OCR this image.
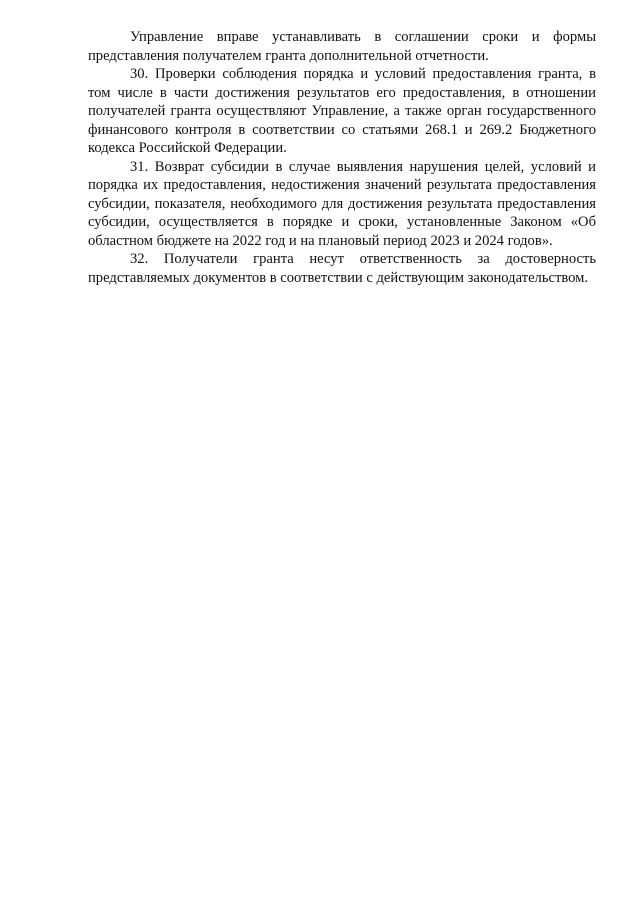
Управление вправе устанавливать в соглашении сроки и формы представления получателем гранта дополнительной отчетности.

30. Проверки соблюдения порядка и условий предоставления гранта, в том числе в части достижения результатов его предоставления, в отношении получателей гранта осуществляют Управление, а также орган государственного финансового контроля в соответствии со статьями 268.1 и 269.2 Бюджетного кодекса Российской Федерации.

31. Возврат субсидии в случае выявления нарушения целей, условий и порядка их предоставления, недостижения значений результата предоставления субсидии, показателя, необходимого для достижения результата предоставления субсидии, осуществляется в порядке и сроки, установленные Законом «Об областном бюджете на 2022 год и на плановый период 2023 и 2024 годов».

32. Получатели гранта несут ответственность за достоверность представляемых документов в соответствии с действующим законодательством.
